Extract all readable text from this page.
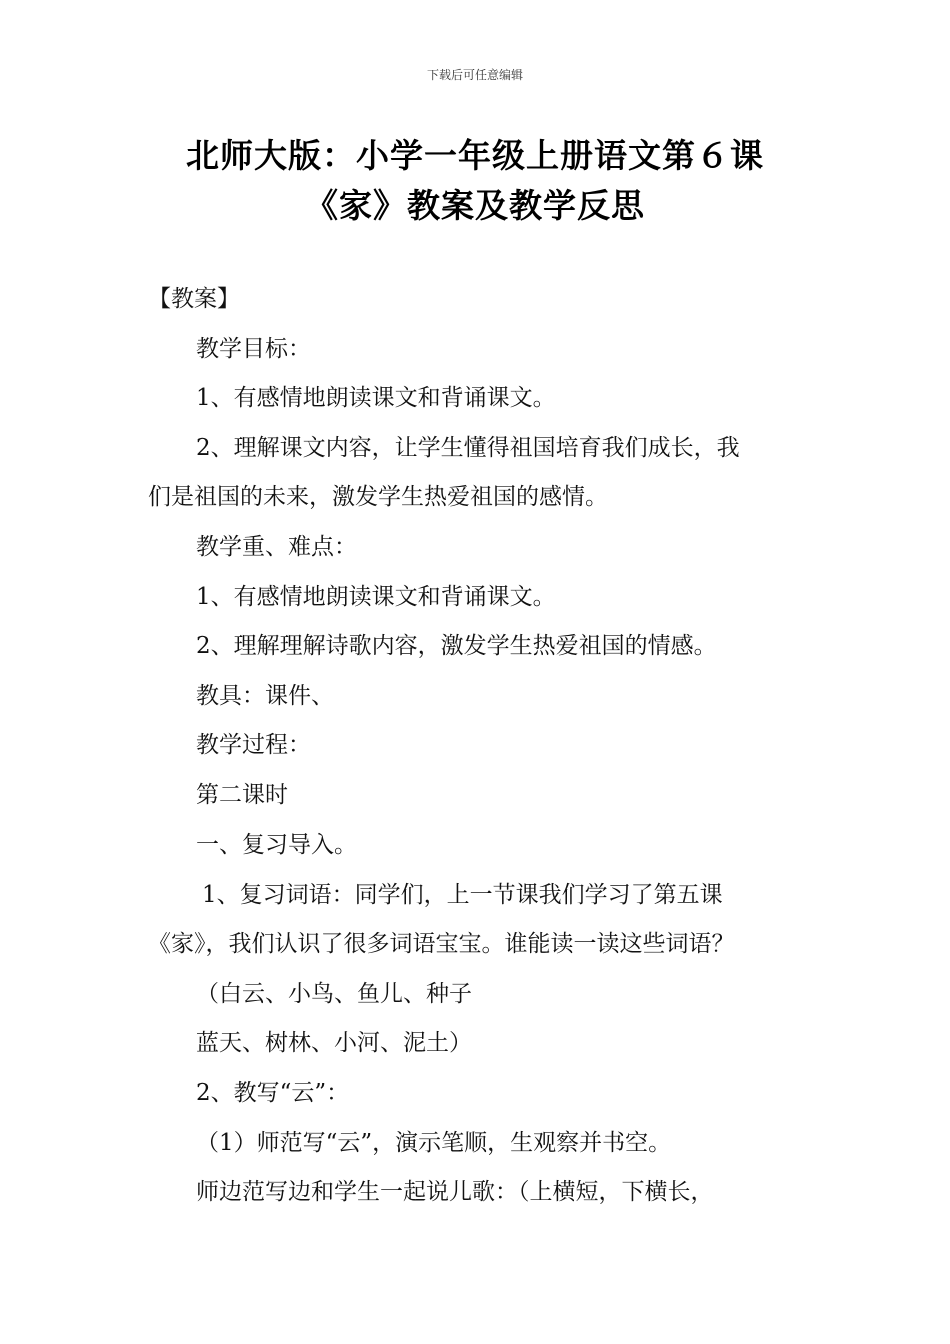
下载后可任意编辑
北师大版：小学一年级上册语文第６课
《家》教案及教学反思
【教案】
教学目标：
1、有感情地朗读课文和背诵课文。
2、理解课文内容，让学生懂得祖国培育我们成长，我
们是祖国的未来，激发学生热爱祖国的感情。
教学重、难点：
1、有感情地朗读课文和背诵课文。
2、理解理解诗歌内容，激发学生热爱祖国的情感。
教具：课件、
教学过程：
第二课时
一、复习导入。
1、复习词语：同学们，上一节课我们学习了第五课
《家》，我们认识了很多词语宝宝。谁能读一读这些词语？
（白云、小鸟、鱼儿、种子
蓝天、树林、小河、泥土）
2、教写“云”：
（1）师范写“云”，演示笔顺，生观察并书空。
师边范写边和学生一起说儿歌：（上横短，下横长，
